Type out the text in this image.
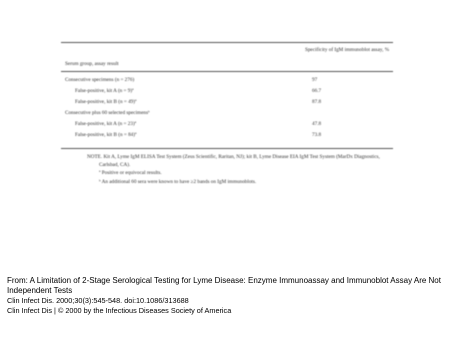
Specificity of IgM immunoblot assay, %
Serum group, assay result
Consecutive specimens (n = 276)	97
False-positive, kit A (n = 9)ª	66.7
False-positive, kit B (n = 49)ª	87.8
Consecutive plus 60 selected specimensᵇ
False-positive, kit A (n = 23)ª	47.8
False-positive, kit B (n = 84)ª	73.8

NOTE. Kit A, Lyme IgM ELISA Test System (Zeus Scientific, Raritan, NJ); kit B, Lyme Disease EIA IgM Test System (MarDx Diagnostics, Carlsbad, CA).

ª Positive or equivocal results.

ᵇ An additional 60 sera were known to have ≥2 bands on IgM immunoblots.

From: A Limitation of 2-Stage Serological Testing for Lyme Disease: Enzyme Immunoassay and Immunoblot Assay Are Not Independent Tests

Clin Infect Dis. 2000;30(3):545-548. doi:10.1086/313688

Clin Infect Dis | © 2000 by the Infectious Diseases Society of America
